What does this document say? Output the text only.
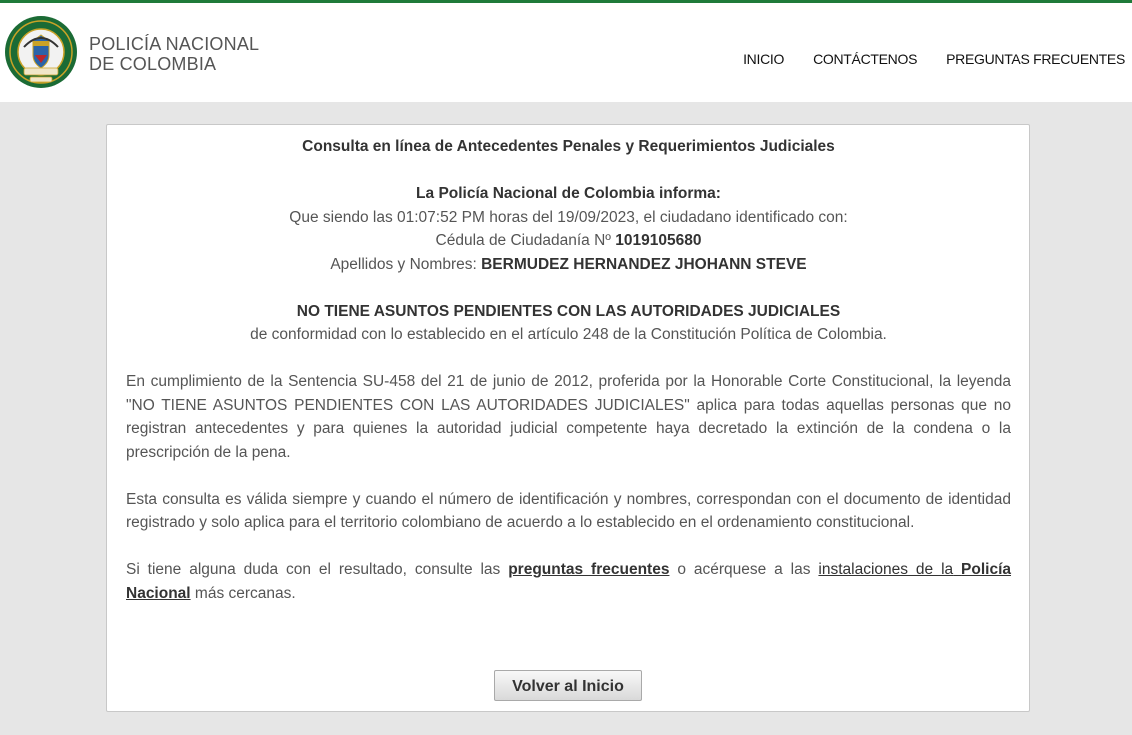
POLICÍA NACIONAL
DE COLOMBIA	INICIO CONTÁCTENOS PREGUNTAS FRECUENTES
Consulta en línea de Antecedentes Penales y Requerimientos Judiciales
La Policía Nacional de Colombia informa:
Que siendo las 01:07:52 PM horas del 19/09/2023, el ciudadano identificado con:
Cédula de Ciudadanía Nº 1019105680
Apellidos y Nombres: BERMUDEZ HERNANDEZ JHOHANN STEVE
NO TIENE ASUNTOS PENDIENTES CON LAS AUTORIDADES JUDICIALES
de conformidad con lo establecido en el artículo 248 de la Constitución Política de Colombia.

En cumplimiento de la Sentencia SU-458 del 21 de junio de 2012, proferida por la Honorable Corte Constitucional, la leyenda "NO TIENE ASUNTOS PENDIENTES CON LAS AUTORIDADES JUDICIALES" aplica para todas aquellas personas que no registran antecedentes y para quienes la autoridad judicial competente haya decretado la extinción de la condena o la prescripción de la pena.

Esta consulta es válida siempre y cuando el número de identificación y nombres, correspondan con el documento de identidad registrado y solo aplica para el territorio colombiano de acuerdo a lo establecido en el ordenamiento constitucional.

Si tiene alguna duda con el resultado, consulte las preguntas frecuentes o acérquese a las instalaciones de la Policía Nacional más cercanas.

Volver al Inicio
